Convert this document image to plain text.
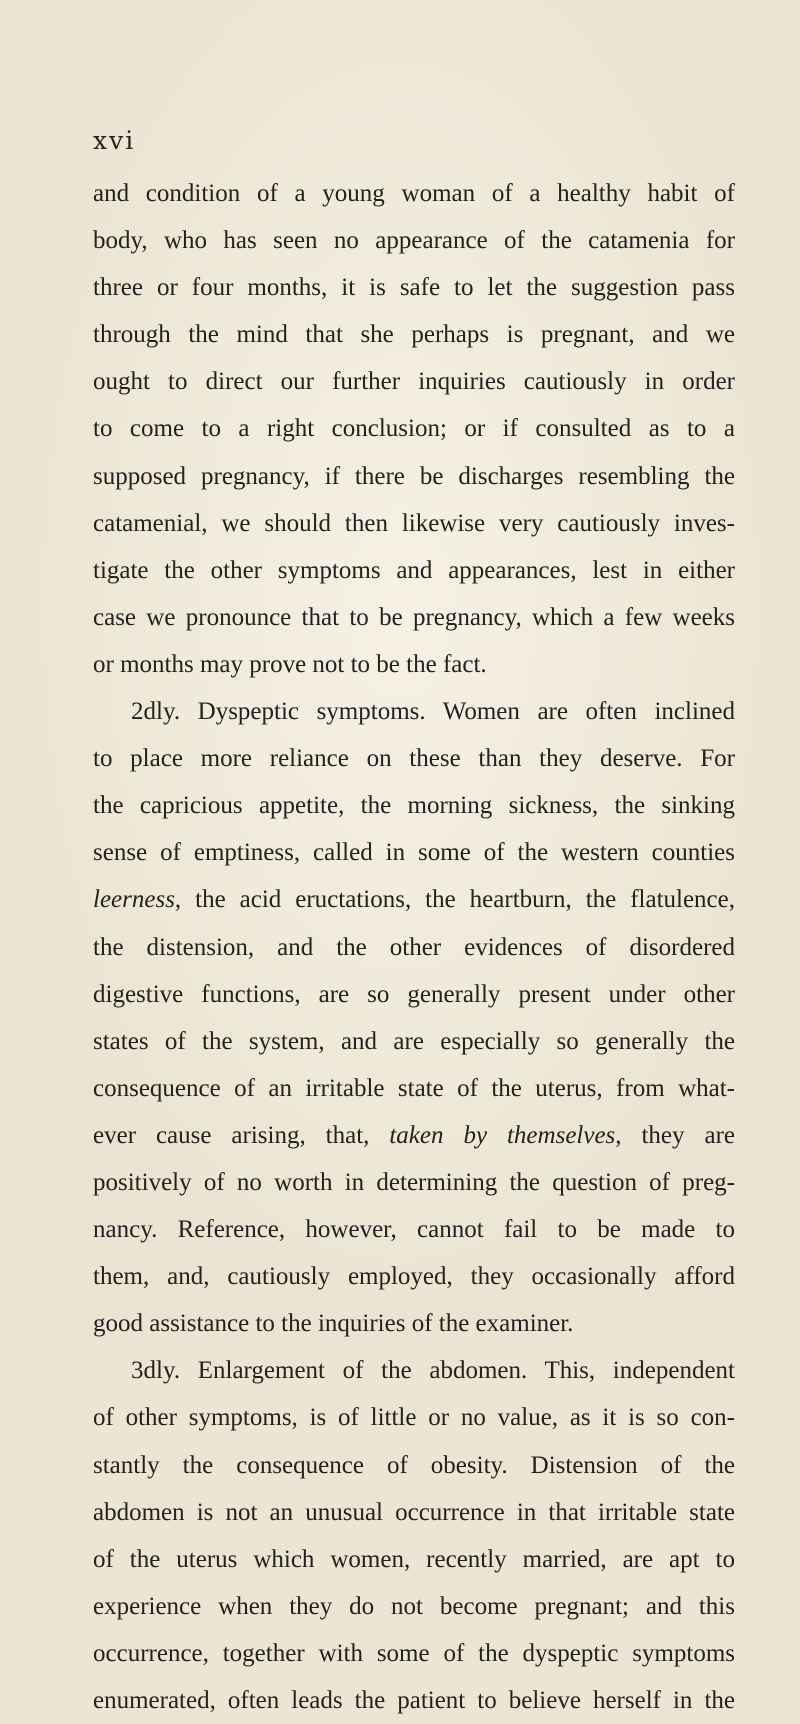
xvi
and condition of a young woman of a healthy habit of
body, who has seen no appearance of the catamenia for
three or four months, it is safe to let the suggestion pass
through the mind that she perhaps is pregnant, and we
ought to direct our further inquiries cautiously in order
to come to a right conclusion; or if consulted as to a
supposed pregnancy, if there be discharges resembling the
catamenial, we should then likewise very cautiously inves-
tigate the other symptoms and appearances, lest in either
case we pronounce that to be pregnancy, which a few weeks
or months may prove not to be the fact.
2dly. Dyspeptic symptoms. Women are often inclined
to place more reliance on these than they deserve. For
the capricious appetite, the morning sickness, the sinking
sense of emptiness, called in some of the western counties
leerness, the acid eructations, the heartburn, the flatulence,
the distension, and the other evidences of disordered
digestive functions, are so generally present under other
states of the system, and are especially so generally the
consequence of an irritable state of the uterus, from what-
ever cause arising, that, taken by themselves, they are
positively of no worth in determining the question of preg-
nancy. Reference, however, cannot fail to be made to
them, and, cautiously employed, they occasionally afford
good assistance to the inquiries of the examiner.
3dly. Enlargement of the abdomen. This, independent
of other symptoms, is of little or no value, as it is so con-
stantly the consequence of obesity. Distension of the
abdomen is not an unusual occurrence in that irritable state
of the uterus which women, recently married, are apt to
experience when they do not become pregnant; and this
occurrence, together with some of the dyspeptic symptoms
enumerated, often leads the patient to believe herself in the
